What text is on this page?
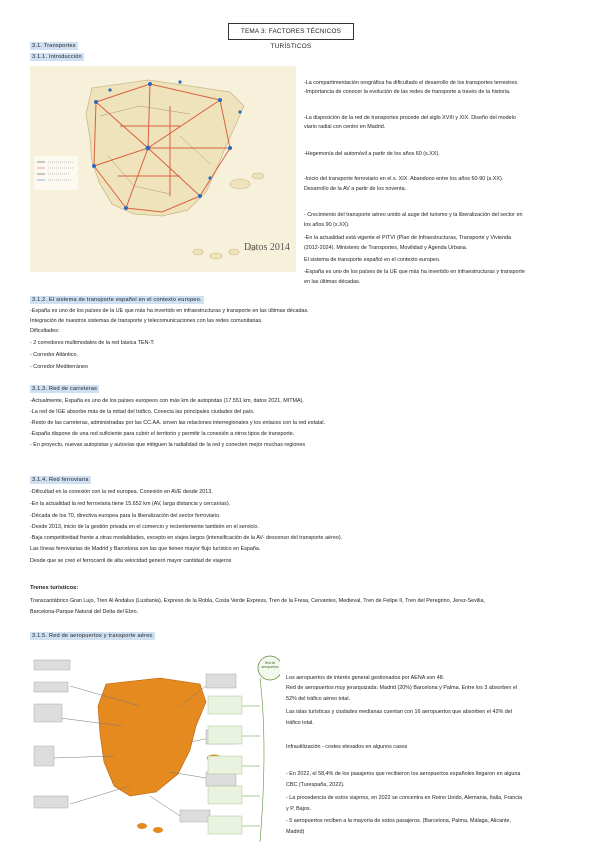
TEMA 3: FACTORES TÉCNICOS TURÍSTICOS
3.1. Transportes
3.1.1. Introducción
Datos 2014
-La compartimentación orográfica ha dificultado el desarrollo de los transportes terrestres.
-Importancia de conocer la evolución de las redes de transporte a través de la historia.
-La disposición de la red de transportes procede del siglo XVIII y XIX. Diseño del modelo
viario radial con centro en Madrid.
-Hegemonía del automóvil a partir de los años 60 (s.XX).
-Inicio del transporte ferroviario en el s. XIX. Abandono entre los años 60-90 (s.XX).
Desarrollo de la AV a partir de los noventa.
- Crecimiento del transporte aéreo unido al auge del turismo y la liberalización del sector en
los años 90 (s.XX).
-En la actualidad está vigente el PITVI (Plan de Infraestructuras, Transporte y Vivienda
(2012-2024). Ministerio de Transportes, Movilidad y Agenda Urbana.
El sistema de transporte español en el contexto europeo.
-España es uno de los países de la UE que más ha invertido en infraestructuras y transporte
en las últimas décadas.
3.1.2. El sistema de transporte español en el contexto europeo.
-España es uno de los países de la UE que más ha invertido en infraestructuras y transporte en las últimas décadas.
Integración de nuestros sistemas de transporte y telecomunicaciones con las redes comunitarias.
Dificultades:
- 2 corredores multimodales de la red básica TEN-T:
- Corredor Atlántico.
- Corredor Mediterráneo
3.1.3. Red de carreteras
-Actualmente, España es uno de los países europeos con más km de autopistas (17.551 km, datos 2021, MITMA).
-La red de IGE absorbe más de la mitad del tráfico. Conecta las principales ciudades del país.
-Resto de las carreteras, administradas por las CC.AA. sirven las relaciones interregionales y los enlaces con la red estatal.
-España dispone de una red suficiente para cubrir el territorio y permitir la conexión a otros tipos de transporte.
- En proyecto, nuevas autopistas y autovías que mitiguen la radialidad de la red y conecten mejor muchas regiones
3.1.4. Red ferroviaria
-Dificultad en la conexión con la red europea. Conexión en AVE desde 2013.
-En la actualidad la red ferroviaria tiene 15.652 km (AV, larga distancia y cercanías).
-Década de los 70, directiva europea para la liberalización del sector ferroviario.
-Desde 2013, inicio de la gestión privada en el comercio y recientemente también en el servicio.
-Baja competitividad frente a otras modalidades, excepto en viajes largos (intensificación de la AV- descenso del transporte aéreo).
Las líneas ferroviarias de Madrid y Barcelona son las que tienen mayor flujo turístico en España.
Desde que se creó el ferrocarril de alta velocidad generó mayor cantidad de viajeros
Trenes turísticos:
Transcantábrico Gran Lujo, Tren Al Andalus (Lusitania), Expreso de la Robla, Costa Verde Express, Tren de la Fresa, Cervantes, Medieval, Tren de Felipe II, Tren del Peregrino, Jerez-Sevilla,
Barcelona-Parque Natural del Delta del Ebro.
3.1.5. Red de aeropuertos y transporte aéreo
Red de aeropuertos
Los aeropuertos de interés general gestionados por AENA son 48.
Red de aeropuertos muy jerarquizada: Madrid (20%) Barcelona y Palma. Entre los 3 absorben el
52% del tráfico aéreo total.
Las islas turísticas y ciudades medianas cuentan con 16 aeropuertos que absorben el 42% del
tráfico total.
Infrautilización - costes elevados en algunos casos
- En 2022, el 58,4% de los pasajeros que recibieron los aeropuertos españoles llegaron en alguna
CBC (Turespaña, 2022).
- La procedencia de estos viajeros, en 2022 se concentra en Reino Unido, Alemania, Italia, Francia
y P. Bajos.
- 5 aeropuertos reciben a la mayoría de estos pasajeros. (Barcelona, Palma, Málaga, Alicante,
Madrid)
